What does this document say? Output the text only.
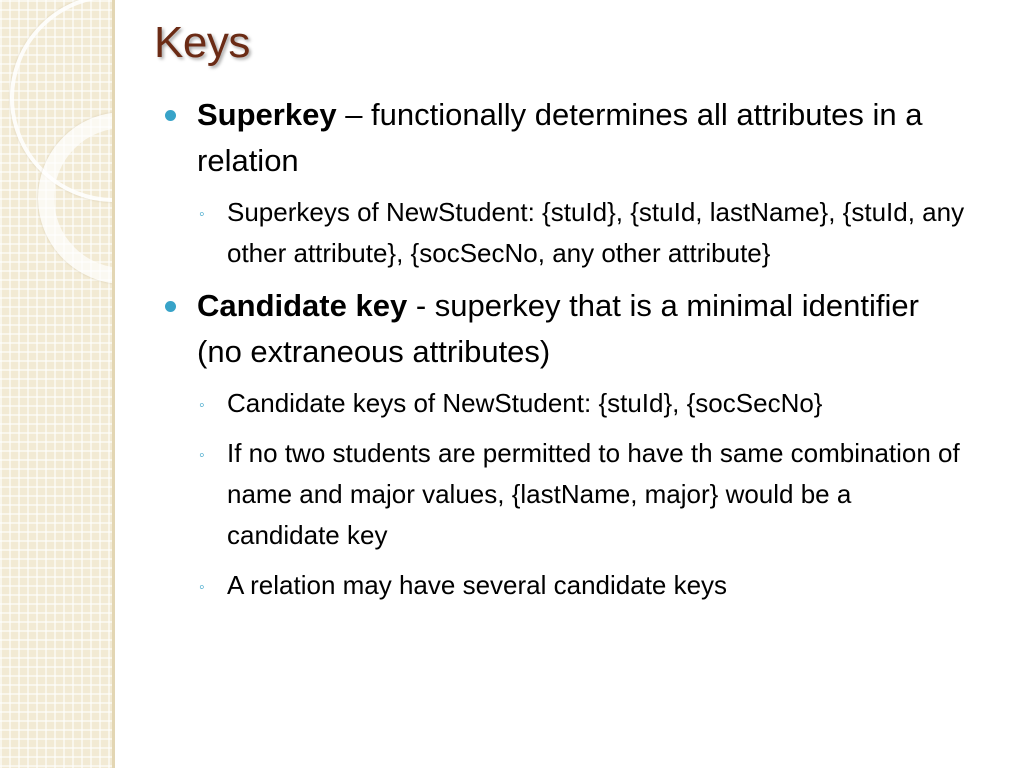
Keys
Superkey – functionally determines all attributes in a relation
◦ Superkeys of NewStudent: {stuId}, {stuId, lastName}, {stuId, any other attribute}, {socSecNo, any other attribute}
Candidate key - superkey that is a minimal identifier (no extraneous attributes)
◦ Candidate keys of NewStudent: {stuId}, {socSecNo}
◦ If no two students are permitted to have th same combination of name and major values, {lastName, major} would be a candidate key
◦ A relation may have several candidate keys
